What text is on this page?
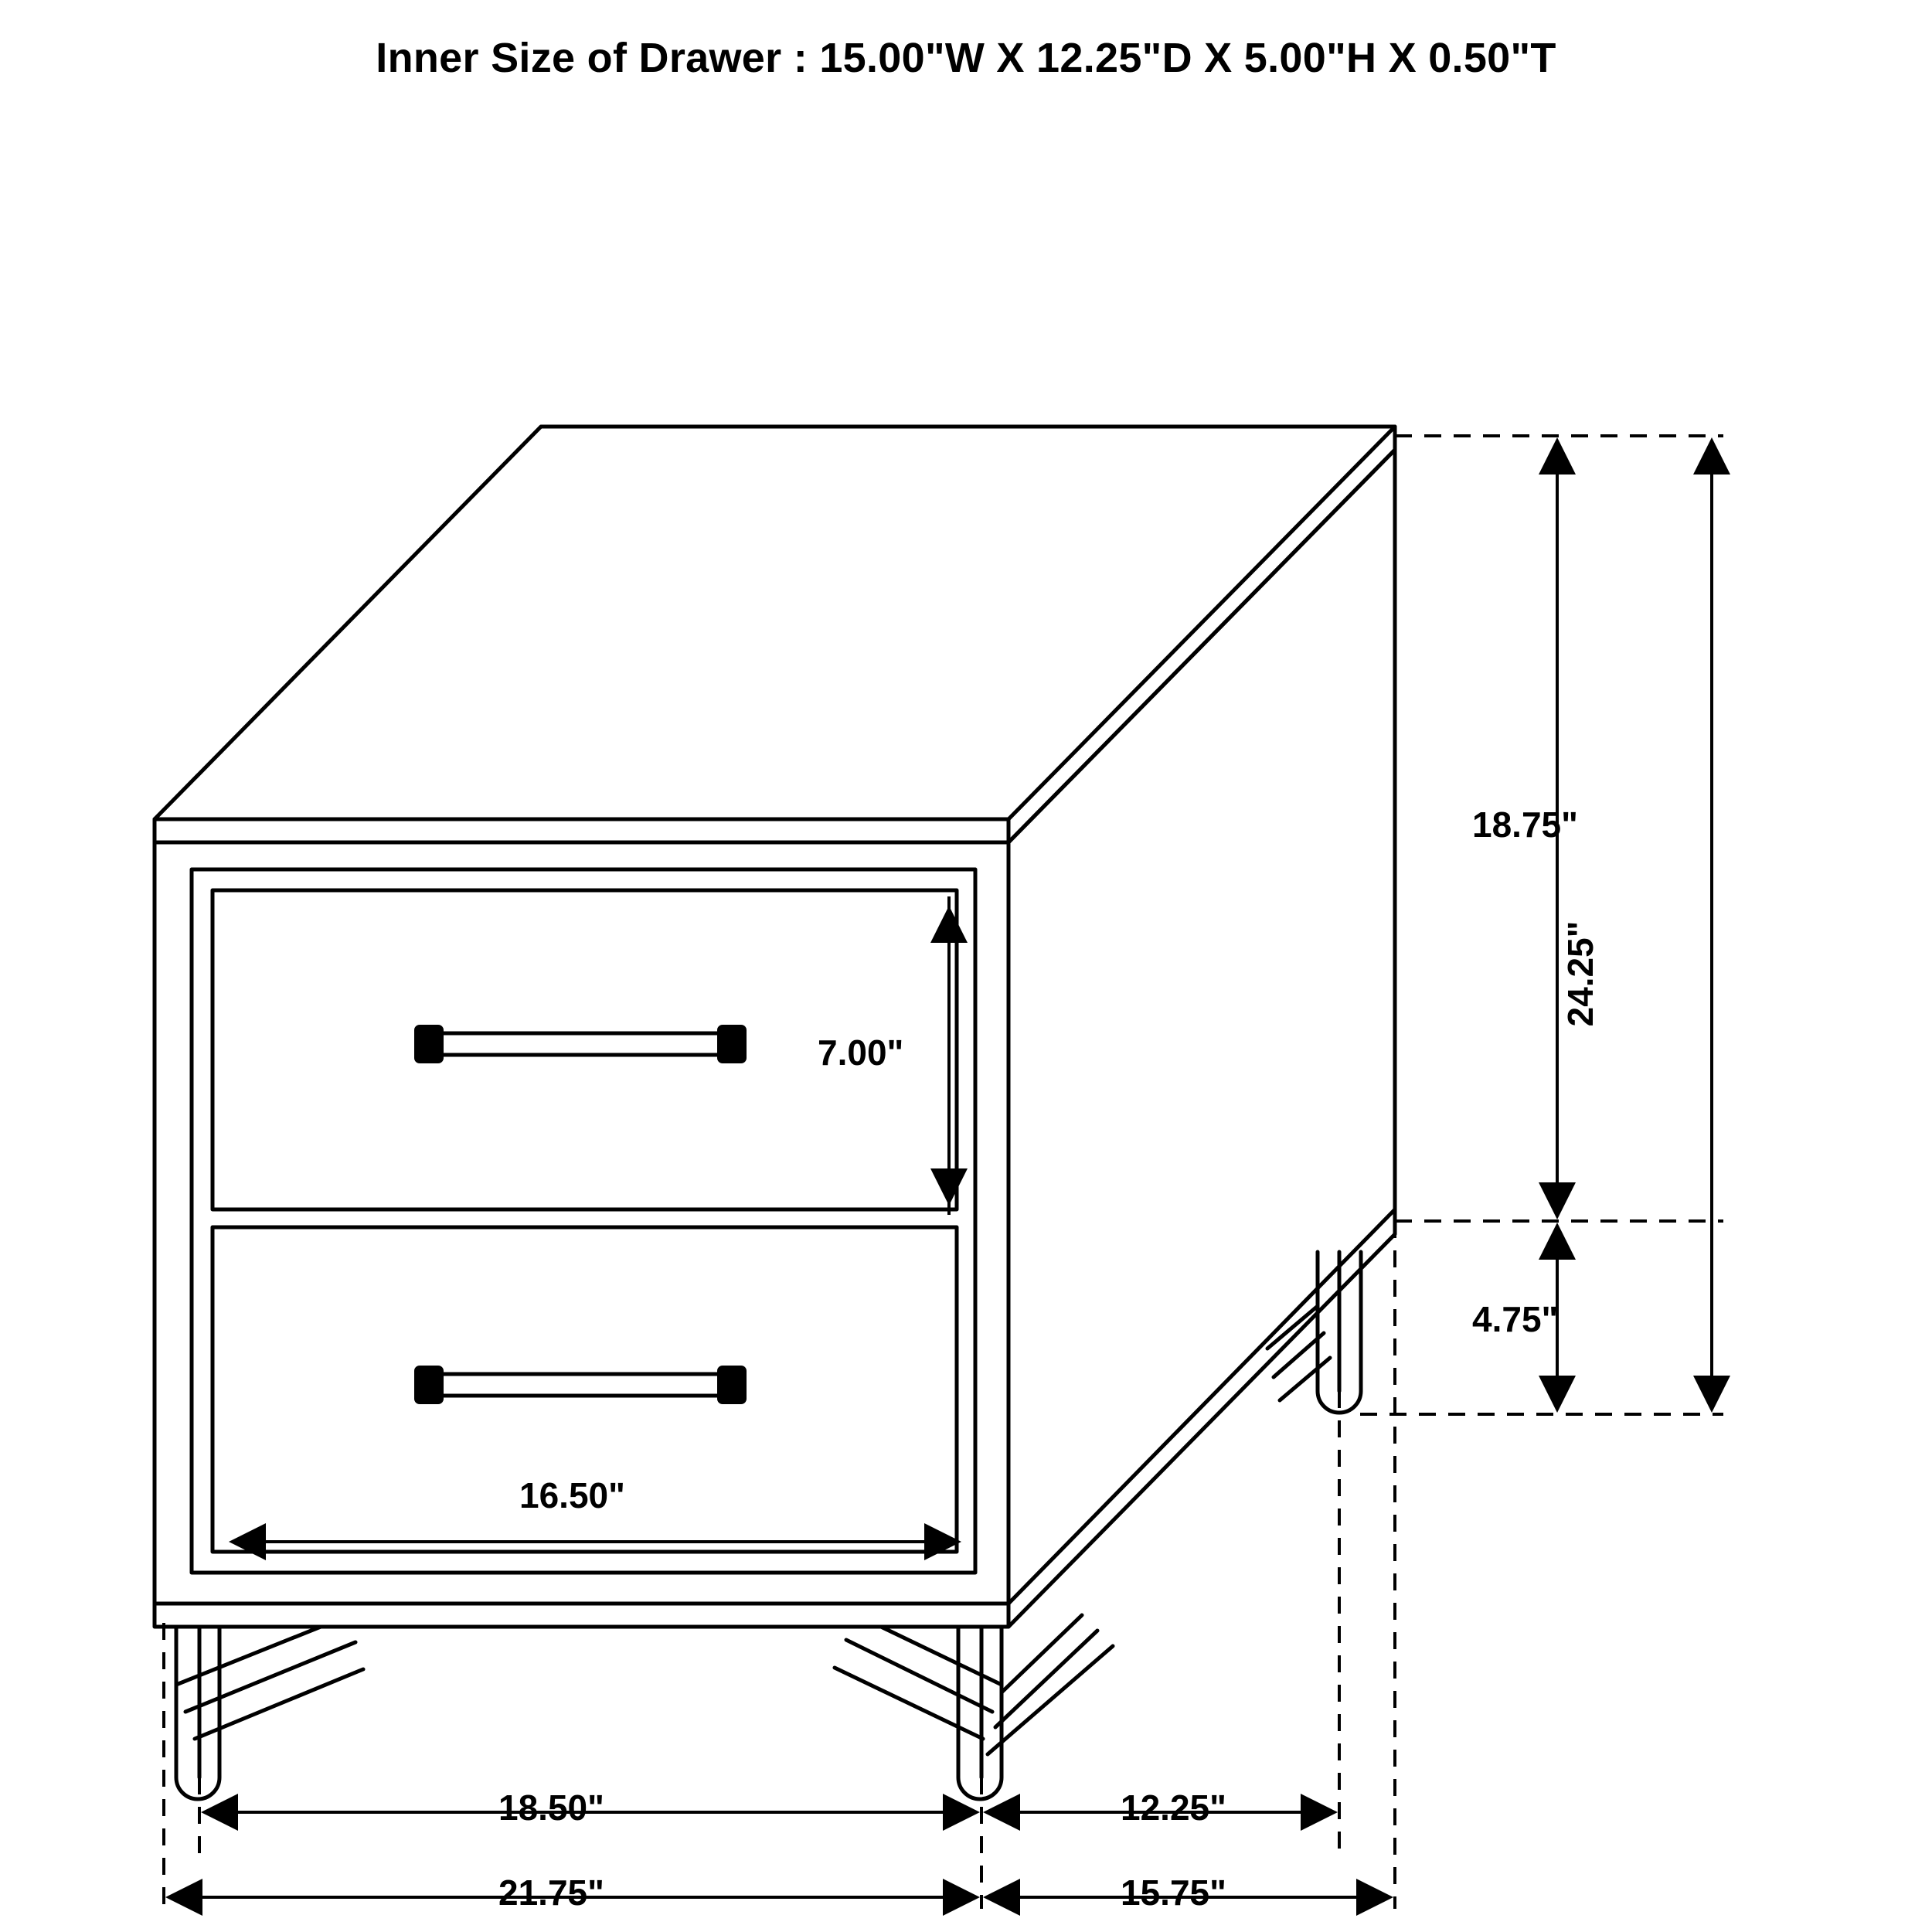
Inner Size of Drawer : 15.00"W X 12.25"D X 5.00"H X 0.50"T
18.75"
24.25"
4.75"
7.00"
16.50"
18.50"	12.25"
21.75"	15.75"
